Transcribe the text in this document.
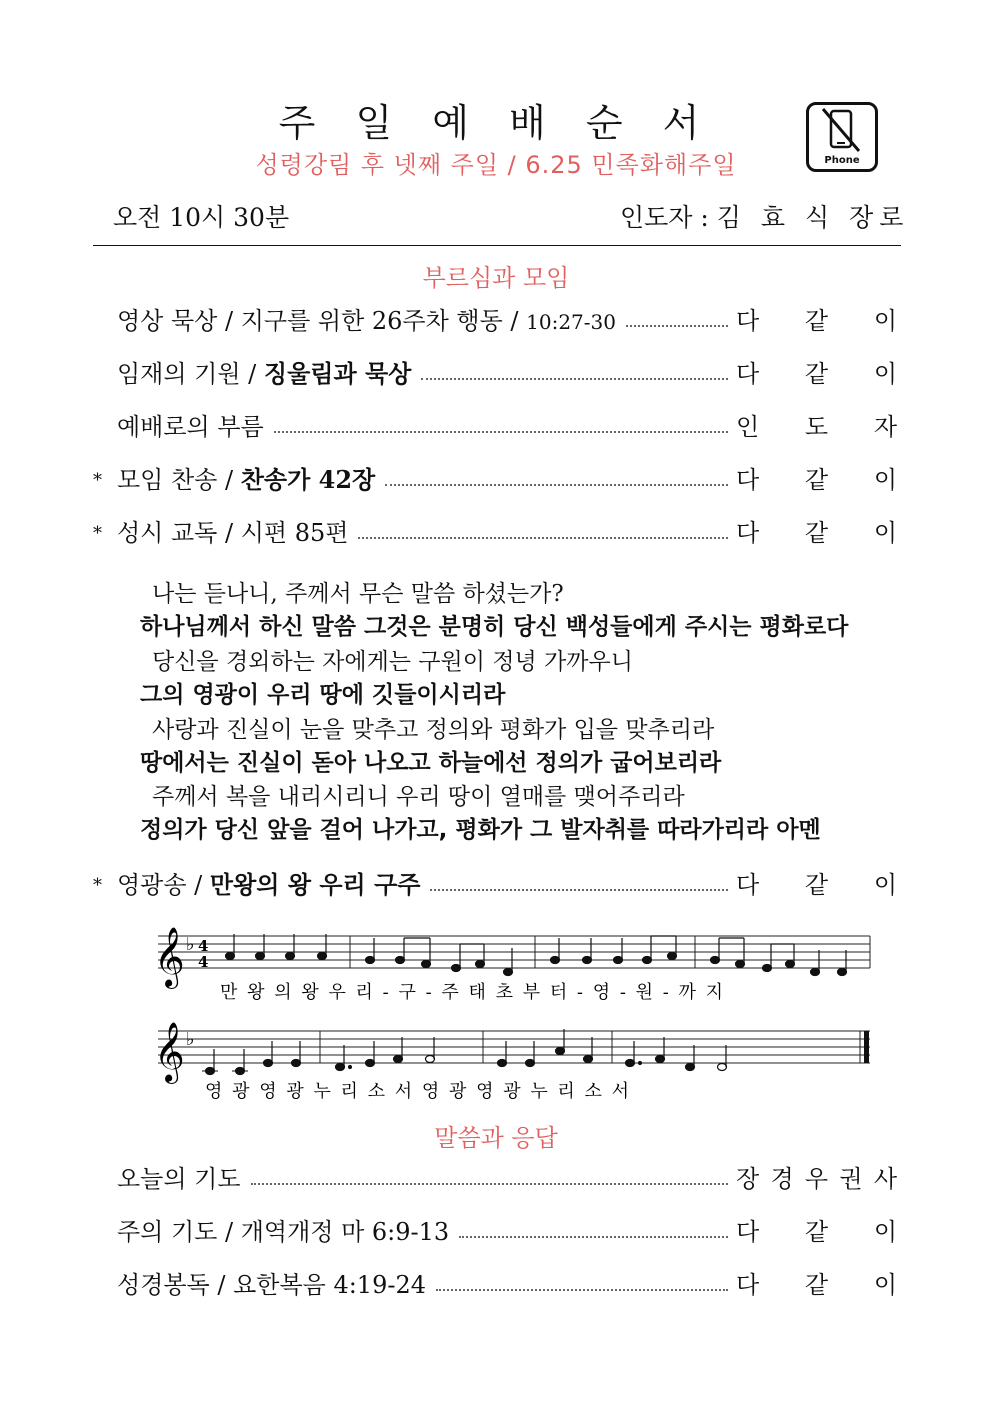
주 일 예 배 순 서
성령강림 후 넷째 주일 / 6.25 민족화해주일	Phone
오전 10시 30분	인도자 : 김 효 식 장로
부르심과 모임
영상 묵상 / 지구를 위한 26주차 행동 / 10:27-30	다 같 이
임재의 기원 / 징울림과 묵상	다 같 이
예배로의 부름	인 도 자
* 모임 찬송 / 찬송가 42장	다 같 이
* 성시 교독 / 시편 85편	다 같 이
나는 듣나니, 주께서 무슨 말씀 하셨는가?
하나님께서 하신 말씀 그것은 분명히 당신 백성들에게 주시는 평화로다
당신을 경외하는 자에게는 구원이 정녕 가까우니
그의 영광이 우리 땅에 깃들이시리라
사랑과 진실이 눈을 맞추고 정의와 평화가 입을 맞추리라
땅에서는 진실이 돋아 나오고 하늘에선 정의가 굽어보리라
주께서 복을 내리시리니 우리 땅이 열매를 맺어주리라
정의가 당신 앞을 걸어 나가고, 평화가 그 발자취를 따라가리라 아멘
* 영광송 / 만왕의 왕 우리 구주	다 같 이
𝄞 ♭ 4
4
만 왕 의 왕 우 리 - 구 - 주 태 초 부 터 - 영 - 원 - 까 지
𝄞 ♭
영 광 영 광 누 리 소 서 영 광 영 광 누 리 소 서
말씀과 응답
오늘의 기도	장 경 우 권 사
주의 기도 / 개역개정 마 6:9-13	다 같 이
성경봉독 / 요한복음 4:19-24	다 같 이
